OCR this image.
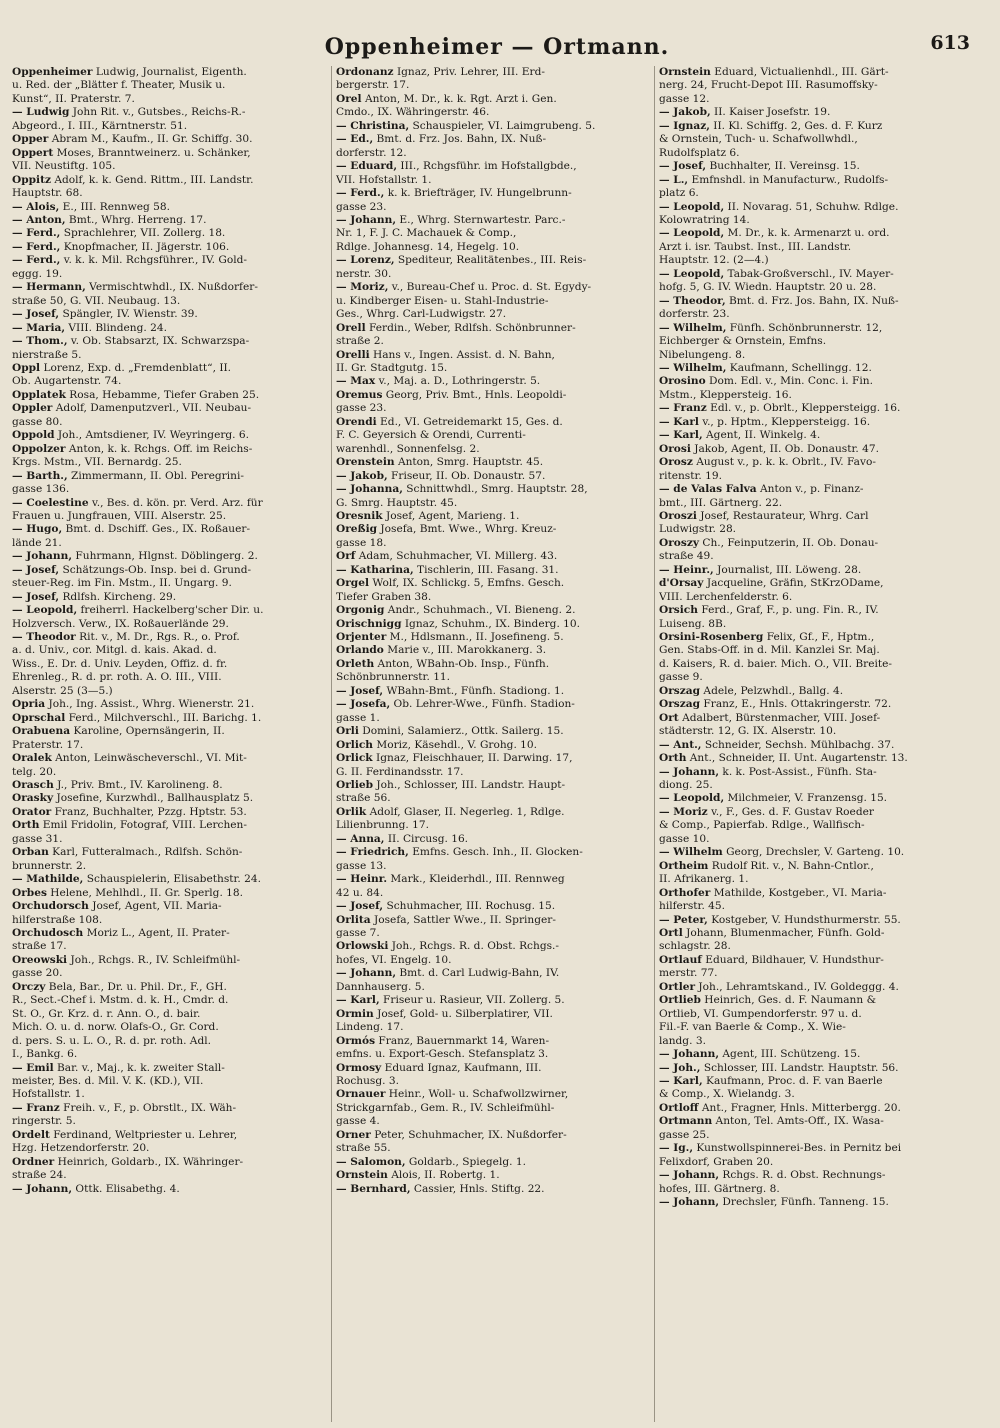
Oppenheimer — Ortmann.	613
Oppenheimer Ludwig, Journalist, Eigenth.
u. Red. der „Blätter f. Theater, Musik u.
Kunst“, II. Praterstr. 7.
— Ludwig John Rit. v., Gutsbes., Reichs-R.-
Abgeord., I. III., Kärntnerstr. 51.
Opper Abram M., Kaufm., II. Gr. Schiffg. 30.
Oppert Moses, Branntweinerz. u. Schänker,
VII. Neustiftg. 105.
Oppitz Adolf, k. k. Gend. Rittm., III. Landstr.
Hauptstr. 68.
— Alois, E., III. Rennweg 58.
— Anton, Bmt., Whrg. Herreng. 17.
— Ferd., Sprachlehrer, VII. Zollerg. 18.
— Ferd., Knopfmacher, II. Jägerstr. 106.
— Ferd., v. k. k. Mil. Rchgsführer., IV. Gold-
eggg. 19.
— Hermann, Vermischtwhdl., IX. Nußdorfer-
straße 50, G. VII. Neubaug. 13.
— Josef, Spängler, IV. Wienstr. 39.
— Maria, VIII. Blindeng. 24.
— Thom., v. Ob. Stabsarzt, IX. Schwarzspa-
nierstraße 5.
Oppl Lorenz, Exp. d. „Fremdenblatt“, II.
Ob. Augartenstr. 74.
Opplatek Rosa, Hebamme, Tiefer Graben 25.
Oppler Adolf, Damenputzverl., VII. Neubau-
gasse 80.
Oppold Joh., Amtsdiener, IV. Weyringerg. 6.
Oppolzer Anton, k. k. Rchgs. Off. im Reichs-
Krgs. Mstm., VII. Bernardg. 25.
— Barth., Zimmermann, II. Obl. Peregrini-
gasse 136.
— Coelestine v., Bes. d. kön. pr. Verd. Arz. für
Frauen u. Jungfrauen, VIII. Alserstr. 25.
— Hugo, Bmt. d. Dschiff. Ges., IX. Roßauer-
lände 21.
— Johann, Fuhrmann, Hlgnst. Döblingerg. 2.
— Josef, Schätzungs-Ob. Insp. bei d. Grund-
steuer-Reg. im Fin. Mstm., II. Ungarg. 9.
— Josef, Rdlfsh. Kircheng. 29.
— Leopold, freiherrl. Hackelberg'scher Dir. u.
Holzversch. Verw., IX. Roßauerlände 29.
— Theodor Rit. v., M. Dr., Rgs. R., o. Prof.
a. d. Univ., cor. Mitgl. d. kais. Akad. d.
Wiss., E. Dr. d. Univ. Leyden, Offiz. d. fr.
Ehrenleg., R. d. pr. roth. A. O. III., VIII.
Alserstr. 25 (3—5.)
Opria Joh., Ing. Assist., Whrg. Wienerstr. 21.
Oprschal Ferd., Milchverschl., III. Barichg. 1.
Orabuena Karoline, Opernsängerin, II.
Praterstr. 17.
Oralek Anton, Leinwäscheverschl., VI. Mit-
telg. 20.
Orasch J., Priv. Bmt., IV. Karolineng. 8.
Orasky Josefine, Kurzwhdl., Ballhausplatz 5.
Orator Franz, Buchhalter, Pzzg. Hptstr. 53.
Orth Emil Fridolin, Fotograf, VIII. Lerchen-
gasse 31.
Orban Karl, Futteralmach., Rdlfsh. Schön-
brunnerstr. 2.
— Mathilde, Schauspielerin, Elisabethstr. 24.
Orbes Helene, Mehlhdl., II. Gr. Sperlg. 18.
Orchudorsch Josef, Agent, VII. Maria-
hilferstraße 108.
Orchudosch Moriz L., Agent, II. Prater-
straße 17.
Oreowski Joh., Rchgs. R., IV. Schleifmühl-
gasse 20.
Orczy Bela, Bar., Dr. u. Phil. Dr., F., GH.
R., Sect.-Chef i. Mstm. d. k. H., Cmdr. d.
St. O., Gr. Krz. d. r. Ann. O., d. bair.
Mich. O. u. d. norw. Olafs-O., Gr. Cord.
d. pers. S. u. L. O., R. d. pr. roth. Adl.
I., Bankg. 6.
— Emil Bar. v., Maj., k. k. zweiter Stall-
meister, Bes. d. Mil. V. K. (KD.), VII.
Hofstallstr. 1.
— Franz Freih. v., F., p. Obrstlt., IX. Wäh-
ringerstr. 5.
Ordelt Ferdinand, Weltpriester u. Lehrer,
Hzg. Hetzendorferstr. 20.
Ordner Heinrich, Goldarb., IX. Währinger-
straße 24.
— Johann, Ottk. Elisabethg. 4.
Ordonanz Ignaz, Priv. Lehrer, III. Erd-
bergerstr. 17.
Orel Anton, M. Dr., k. k. Rgt. Arzt i. Gen.
Cmdo., IX. Währingerstr. 46.
— Christina, Schauspieler, VI. Laimgrubeng. 5.
— Ed., Bmt. d. Frz. Jos. Bahn, IX. Nuß-
dorferstr. 12.
— Eduard, III., Rchgsführ. im Hofstallgbde.,
VII. Hofstallstr. 1.
— Ferd., k. k. Briefträger, IV. Hungelbrunn-
gasse 23.
— Johann, E., Whrg. Sternwartestr. Parc.-
Nr. 1, F. J. C. Machauek & Comp.,
Rdlge. Johannesg. 14, Hegelg. 10.
— Lorenz, Spediteur, Realitätenbes., III. Reis-
nerstr. 30.
— Moriz, v., Bureau-Chef u. Proc. d. St. Egydy-
u. Kindberger Eisen- u. Stahl-Industrie-
Ges., Whrg. Carl-Ludwigstr. 27.
Orell Ferdin., Weber, Rdlfsh. Schönbrunner-
straße 2.
Orelli Hans v., Ingen. Assist. d. N. Bahn,
II. Gr. Stadtgutg. 15.
— Max v., Maj. a. D., Lothringerstr. 5.
Oremus Georg, Priv. Bmt., Hnls. Leopoldi-
gasse 23.
Orendi Ed., VI. Getreidemarkt 15, Ges. d.
F. C. Geyersich & Orendi, Currenti-
warenhdl., Sonnenfelsg. 2.
Orenstein Anton, Smrg. Hauptstr. 45.
— Jakob, Friseur, II. Ob. Donaustr. 57.
— Johanna, Schnittwhdl., Smrg. Hauptstr. 28,
G. Smrg. Hauptstr. 45.
Oresnik Josef, Agent, Marieng. 1.
Oreßig Josefa, Bmt. Wwe., Whrg. Kreuz-
gasse 18.
Orf Adam, Schuhmacher, VI. Millerg. 43.
— Katharina, Tischlerin, III. Fasang. 31.
Orgel Wolf, IX. Schlickg. 5, Emfns. Gesch.
Tiefer Graben 38.
Orgonig Andr., Schuhmach., VI. Bieneng. 2.
Orischnigg Ignaz, Schuhm., IX. Binderg. 10.
Orjenter M., Hdlsmann., II. Josefineng. 5.
Orlando Marie v., III. Marokkanerg. 3.
Orleth Anton, WBahn-Ob. Insp., Fünfh.
Schönbrunnerstr. 11.
— Josef, WBahn-Bmt., Fünfh. Stadiong. 1.
— Josefa, Ob. Lehrer-Wwe., Fünfh. Stadion-
gasse 1.
Orli Domini, Salamierz., Ottk. Sailerg. 15.
Orlich Moriz, Käsehdl., V. Grohg. 10.
Orlick Ignaz, Fleischhauer, II. Darwing. 17,
G. II. Ferdinandsstr. 17.
Orlieb Joh., Schlosser, III. Landstr. Haupt-
straße 56.
Orlik Adolf, Glaser, II. Negerleg. 1, Rdlge.
Lilienbrunng. 17.
— Anna, II. Circusg. 16.
— Friedrich, Emfns. Gesch. Inh., II. Glocken-
gasse 13.
— Heinr. Mark., Kleiderhdl., III. Rennweg
42 u. 84.
— Josef, Schuhmacher, III. Rochusg. 15.
Orlita Josefa, Sattler Wwe., II. Springer-
gasse 7.
Orlowski Joh., Rchgs. R. d. Obst. Rchgs.-
hofes, VI. Engelg. 10.
— Johann, Bmt. d. Carl Ludwig-Bahn, IV.
Dannhauserg. 5.
— Karl, Friseur u. Rasieur, VII. Zollerg. 5.
Ormin Josef, Gold- u. Silberplatirer, VII.
Lindeng. 17.
Ormós Franz, Bauernmarkt 14, Waren-
emfns. u. Export-Gesch. Stefansplatz 3.
Ormosy Eduard Ignaz, Kaufmann, III.
Rochusg. 3.
Ornauer Heinr., Woll- u. Schafwollzwirner,
Strickgarnfab., Gem. R., IV. Schleifmühl-
gasse 4.
Orner Peter, Schuhmacher, IX. Nußdorfer-
straße 55.
— Salomon, Goldarb., Spiegelg. 1.
Ornstein Alois, II. Robertg. 1.
— Bernhard, Cassier, Hnls. Stiftg. 22.
Ornstein Eduard, Victualienhdl., III. Gärt-
nerg. 24, Frucht-Depot III. Rasumoffsky-
gasse 12.
— Jakob, II. Kaiser Josefstr. 19.
— Ignaz, II. Kl. Schiffg. 2, Ges. d. F. Kurz
& Ornstein, Tuch- u. Schafwollwhdl.,
Rudolfsplatz 6.
— Josef, Buchhalter, II. Vereinsg. 15.
— L., Emfnshdl. in Manufacturw., Rudolfs-
platz 6.
— Leopold, II. Novarag. 51, Schuhw. Rdlge.
Kolowratring 14.
— Leopold, M. Dr., k. k. Armenarzt u. ord.
Arzt i. isr. Taubst. Inst., III. Landstr.
Hauptstr. 12. (2—4.)
— Leopold, Tabak-Großverschl., IV. Mayer-
hofg. 5, G. IV. Wiedn. Hauptstr. 20 u. 28.
— Theodor, Bmt. d. Frz. Jos. Bahn, IX. Nuß-
dorferstr. 23.
— Wilhelm, Fünfh. Schönbrunnerstr. 12,
Eichberger & Ornstein, Emfns.
Nibelungeng. 8.
— Wilhelm, Kaufmann, Schellingg. 12.
Orosino Dom. Edl. v., Min. Conc. i. Fin.
Mstm., Kleppersteig. 16.
— Franz Edl. v., p. Obrlt., Kleppersteigg. 16.
— Karl v., p. Hptm., Kleppersteigg. 16.
— Karl, Agent, II. Winkelg. 4.
Orosi Jakob, Agent, II. Ob. Donaustr. 47.
Orosz August v., p. k. k. Obrlt., IV. Favo-
ritenstr. 19.
— de Valas Falva Anton v., p. Finanz-
bmt., III. Gärtnerg. 22.
Oroszi Josef, Restaurateur, Whrg. Carl
Ludwigstr. 28.
Oroszy Ch., Feinputzerin, II. Ob. Donau-
straße 49.
— Heinr., Journalist, III. Löweng. 28.
d'Orsay Jacqueline, Gräfin, StKrzODame,
VIII. Lerchenfelderstr. 6.
Orsich Ferd., Graf, F., p. ung. Fin. R., IV.
Luiseng. 8B.
Orsini-Rosenberg Felix, Gf., F., Hptm.,
Gen. Stabs-Off. in d. Mil. Kanzlei Sr. Maj.
d. Kaisers, R. d. baier. Mich. O., VII. Breite-
gasse 9.
Orszag Adele, Pelzwhdl., Ballg. 4.
Orszag Franz, E., Hnls. Ottakringerstr. 72.
Ort Adalbert, Bürstenmacher, VIII. Josef-
städterstr. 12, G. IX. Alserstr. 10.
— Ant., Schneider, Sechsh. Mühlbachg. 37.
Orth Ant., Schneider, II. Unt. Augartenstr. 13.
— Johann, k. k. Post-Assist., Fünfh. Sta-
diong. 25.
— Leopold, Milchmeier, V. Franzensg. 15.
— Moriz v., F., Ges. d. F. Gustav Roeder
& Comp., Papierfab. Rdlge., Wallfisch-
gasse 10.
— Wilhelm Georg, Drechsler, V. Garteng. 10.
Ortheim Rudolf Rit. v., N. Bahn-Cntlor.,
II. Afrikanerg. 1.
Orthofer Mathilde, Kostgeber., VI. Maria-
hilferstr. 45.
— Peter, Kostgeber, V. Hundsthurmerstr. 55.
Ortl Johann, Blumenmacher, Fünfh. Gold-
schlagstr. 28.
Ortlauf Eduard, Bildhauer, V. Hundsthur-
merstr. 77.
Ortler Joh., Lehramtskand., IV. Goldeggg. 4.
Ortlieb Heinrich, Ges. d. F. Naumann &
Ortlieb, VI. Gumpendorferstr. 97 u. d.
Fil.-F. van Baerle & Comp., X. Wie-
landg. 3.
— Johann, Agent, III. Schützeng. 15.
— Joh., Schlosser, III. Landstr. Hauptstr. 56.
— Karl, Kaufmann, Proc. d. F. van Baerle
& Comp., X. Wielandg. 3.
Ortloff Ant., Fragner, Hnls. Mitterbergg. 20.
Ortmann Anton, Tel. Amts-Off., IX. Wasa-
gasse 25.
— Ig., Kunstwollspinnerei-Bes. in Pernitz bei
Felixdorf, Graben 20.
— Johann, Rchgs. R. d. Obst. Rechnungs-
hofes, III. Gärtnerg. 8.
— Johann, Drechsler, Fünfh. Tanneng. 15.
